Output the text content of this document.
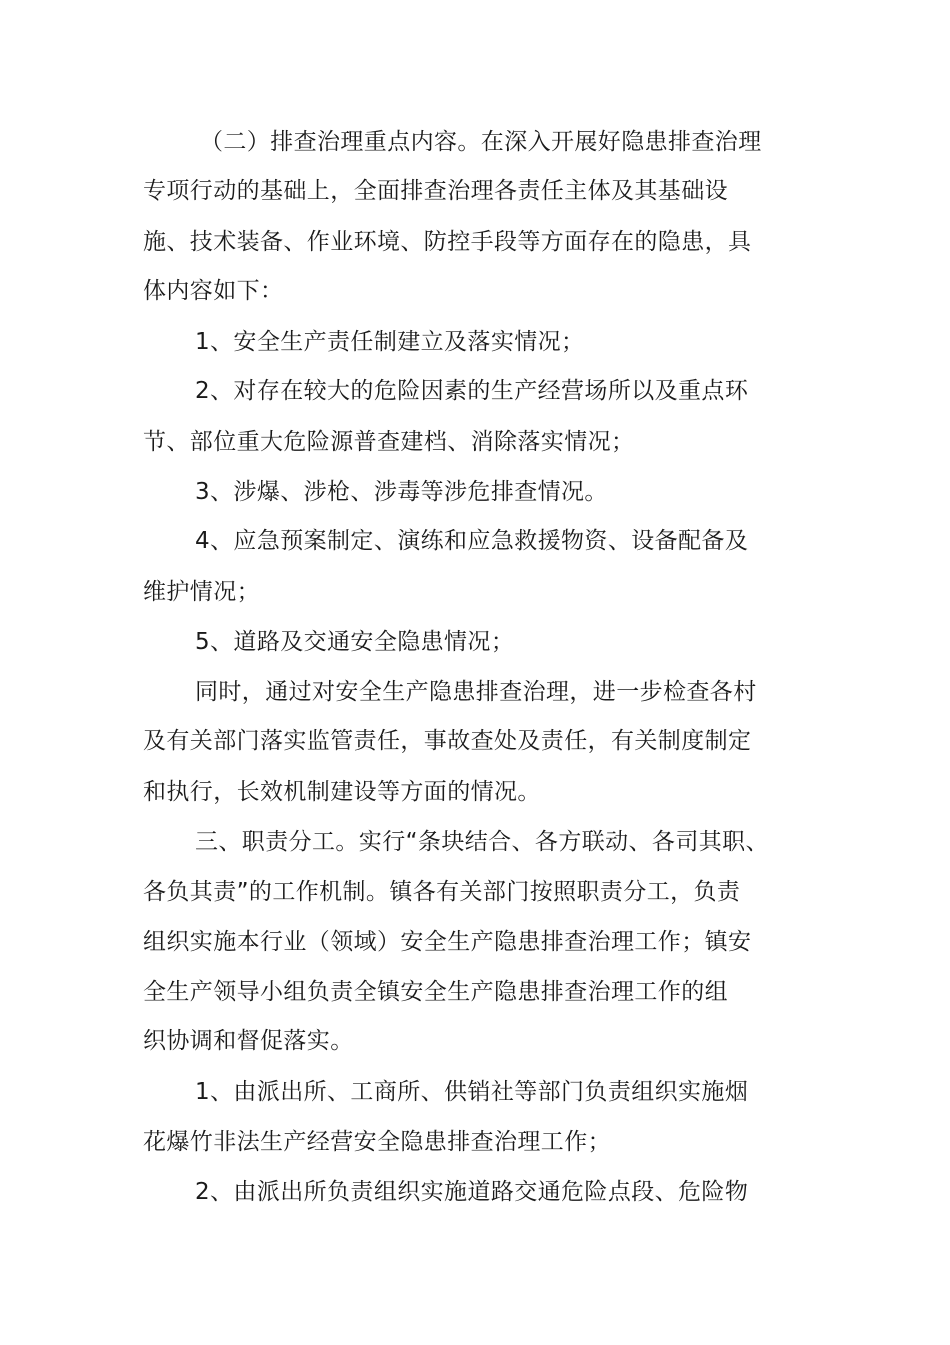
（二）排查治理重点内容。在深入开展好隐患排查治理
专项行动的基础上，全面排查治理各责任主体及其基础设
施、技术装备、作业环境、防控手段等方面存在的隐患，具
体内容如下：
1、安全生产责任制建立及落实情况；
2、对存在较大的危险因素的生产经营场所以及重点环
节、部位重大危险源普查建档、消除落实情况；
3、涉爆、涉枪、涉毒等涉危排查情况。
4、应急预案制定、演练和应急救援物资、设备配备及
维护情况；
5、道路及交通安全隐患情况；
同时，通过对安全生产隐患排查治理，进一步检查各村
及有关部门落实监管责任，事故查处及责任，有关制度制定
和执行，长效机制建设等方面的情况。
三、职责分工。实行“条块结合、各方联动、各司其职、
各负其责”的工作机制。镇各有关部门按照职责分工，负责
组织实施本行业（领域）安全生产隐患排查治理工作；镇安
全生产领导小组负责全镇安全生产隐患排查治理工作的组
织协调和督促落实。
1、由派出所、工商所、供销社等部门负责组织实施烟
花爆竹非法生产经营安全隐患排查治理工作；
2、由派出所负责组织实施道路交通危险点段、危险物
